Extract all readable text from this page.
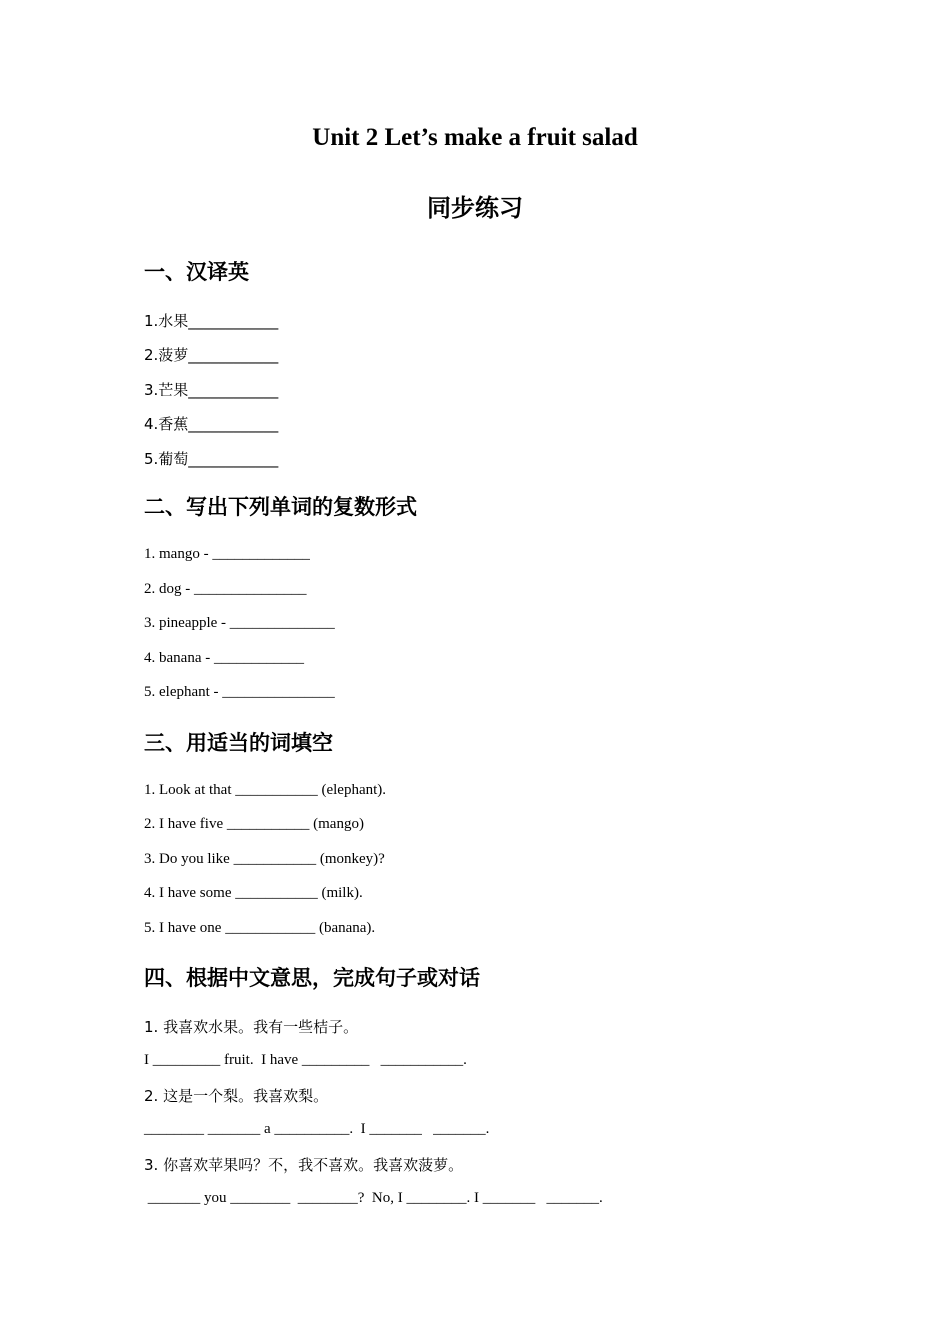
Unit 2 Let’s make a fruit salad
同步练习
一、汉译英
1.水果____________
2.菠萝____________
3.芒果____________
4.香蕉____________
5.葡萄____________
二、写出下列单词的复数形式
1. mango - _____________
2. dog - _______________
3. pineapple - ______________
4. banana - ____________
5. elephant - _______________
三、用适当的词填空
1. Look at that ___________ (elephant).
2. I have five ___________ (mango)
3. Do you like ___________ (monkey)?
4. I have some ___________ (milk).
5. I have one ____________ (banana).
四、根据中文意思，完成句子或对话
1. 我喜欢水果。我有一些桔子。
I _________ fruit.  I have _________   ___________.
2. 这是一个梨。我喜欢梨。
________ _______ a __________.  I _______   _______.
3. 你喜欢苹果吗？不，我不喜欢。我喜欢菠萝。
_______ you ________  ________?  No, I ________. I _______   _______.
